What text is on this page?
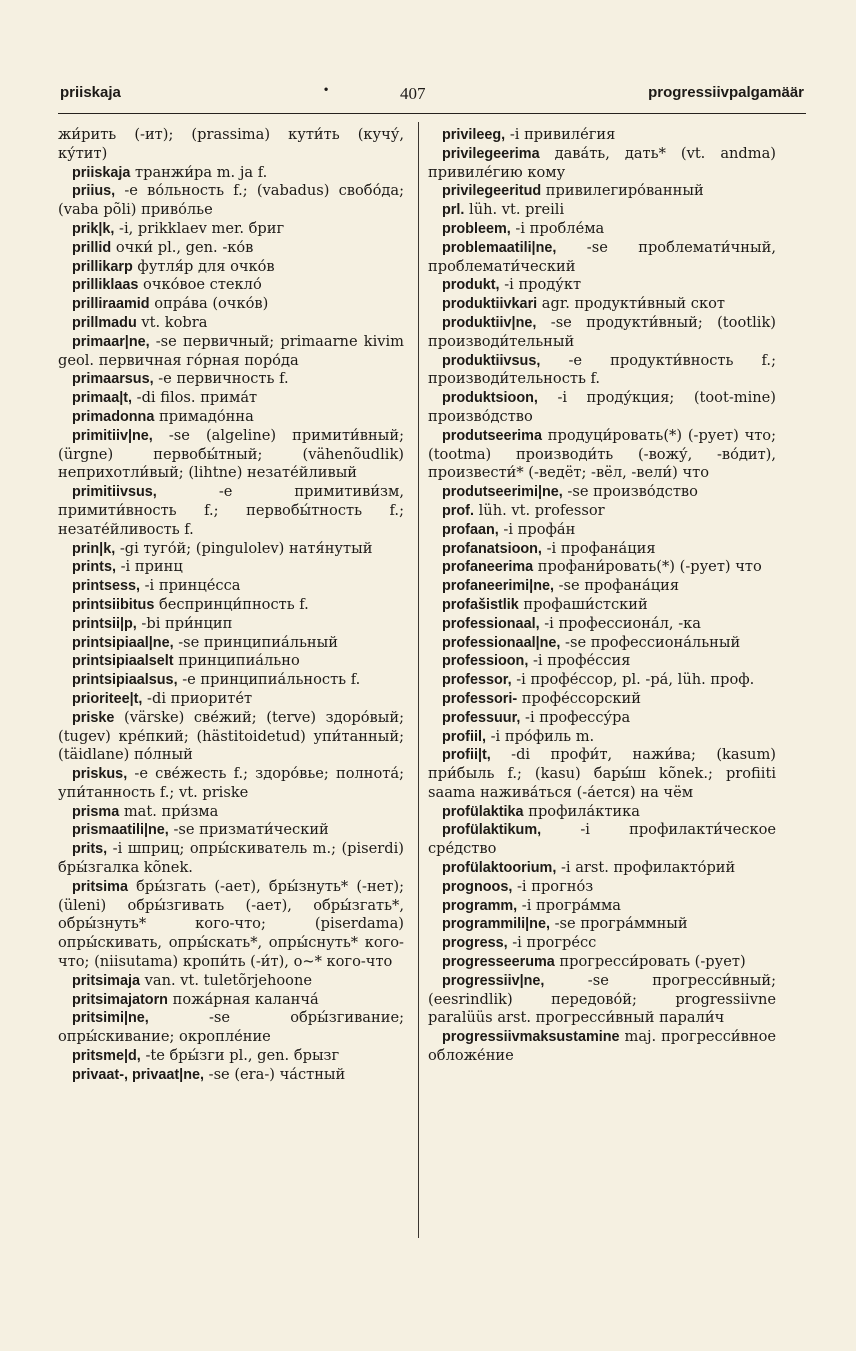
priiskaja	•	407	progressiivpalgamäär

жи́рить (-ит); (prassima) кути́ть (кучу́, ку́тит)

priiskaja транжи́ра m. ja f.

priius, -e во́льность f.; (vabadus) свобо́да; (vaba põli) приво́лье

prik|k, -i, prikklaev mer. бриг

prillid очки́ pl., gen. -ко́в

prillikarp футля́р для очко́в

prilliklaas очко́вое стекло́

prilliraamid опра́ва (очко́в)

prillmadu vt. kobra

primaar|ne, -se первичный; primaarne kivim geol. первичная го́рная поро́да

primaarsus, -e первичность f.

primaa|t, -di filos. прима́т

primadonna примадо́нна

primitiiv|ne, -se (algeline) примити́вный; (ürgne) первобы́тный; (vähenõudlik) неприхотли́вый; (lihtne) незате́йливый

primitiivsus, -e примитиви́зм, примити́вность f.; первобы́тность f.; незате́йливость f.

prin|k, -gi туго́й; (pingulolev) натя́нутый

prints, -i принц

printsess, -i принце́сса

printsiibitus беспринци́пность f.

printsii|p, -bi при́нцип

printsipiaal|ne, -se принципиа́льный

printsipiaalselt принципиа́льно

printsipiaalsus, -e принципиа́льность f.

prioritee|t, -di приорите́т

priske (värske) све́жий; (terve) здоро́вый; (tugev) кре́пкий; (hästitoidetud) упи́танный; (täidlane) по́лный

priskus, -e све́жесть f.; здоро́вье; полнота́; упи́танность f.; vt. priske

prisma mat. при́зма

prismaatili|ne, -se призмати́ческий

prits, -i шприц; опры́скиватель m.; (piserdi) бры́згалка kõnek.

pritsima бры́згать (-ает), бры́знуть* (-нет); (üleni) обры́згивать (-ает), обры́згать*, обры́знуть* кого-что; (piserdama) опры́скивать, опры́скать*, опры́снуть* кого-что; (niisutama) кропи́ть (-и́т), о~* кого-что

pritsimaja van. vt. tuletõrjehoone

pritsimajatorn пожа́рная каланча́

pritsimi|ne, -se обры́згивание; опры́скивание; окропле́ние

pritsme|d, -te бры́зги pl., gen. брызг

privaat-, privaat|ne, -se (era-) ча́стный

privileeg, -i привиле́гия

privilegeerima дава́ть, дать* (vt. andma) привиле́гию кому

privilegeeritud привилегиро́ванный

prl. lüh. vt. preili

probleem, -i пробле́ма

problemaatili|ne, -se проблемати́чный, проблемати́ческий

produkt, -i проду́кт

produktiivkari agr. продукти́вный скот

produktiiv|ne, -se продукти́вный; (tootlik) производи́тельный

produktiivsus, -e продукти́вность f.; производи́тельность f.

produktsioon, -i проду́кция; (toot-mine) произво́дство

produtseerima продуци́ровать(*) (-рует) что; (tootma) производи́ть (-вожу́, -во́дит), произвести́* (-ведёт; -вёл, -вели́) что

produtseerimi|ne, -se произво́дство

prof. lüh. vt. professor

profaan, -i профа́н

profanatsioon, -i профана́ция

profaneerima профани́ровать(*) (-рует) что

profaneerimi|ne, -se профана́ция

profašistlik профаши́стский

professionaal, -i профессиона́л, -ка

professionaal|ne, -se профессиона́льный

professioon, -i профе́ссия

professor, -i профе́ссор, pl. -ра́, lüh. проф.

professori- профе́ссорский

professuur, -i профессу́ра

profiil, -i про́филь m.

profii|t, -di профи́т, нажи́ва; (kasum) при́быль f.; (kasu) бары́ш kõnek.; profiiti saama нажива́ться (-а́ется) на чём

profülaktika профила́ктика

profülaktikum, -i профилакти́ческое сре́дство

profülaktoorium, -i arst. профилакто́рий

prognoos, -i прогно́з

programm, -i програ́мма

programmili|ne, -se програ́ммный

progress, -i прогре́сс

progresseeruma прогресси́ровать (-рует)

progressiiv|ne, -se прогресси́вный; (eesrindlik) передово́й; progressiivne paralüüs arst. прогресси́вный парали́ч

progressiivmaksustamine maj. прогресси́вное обложе́ние
